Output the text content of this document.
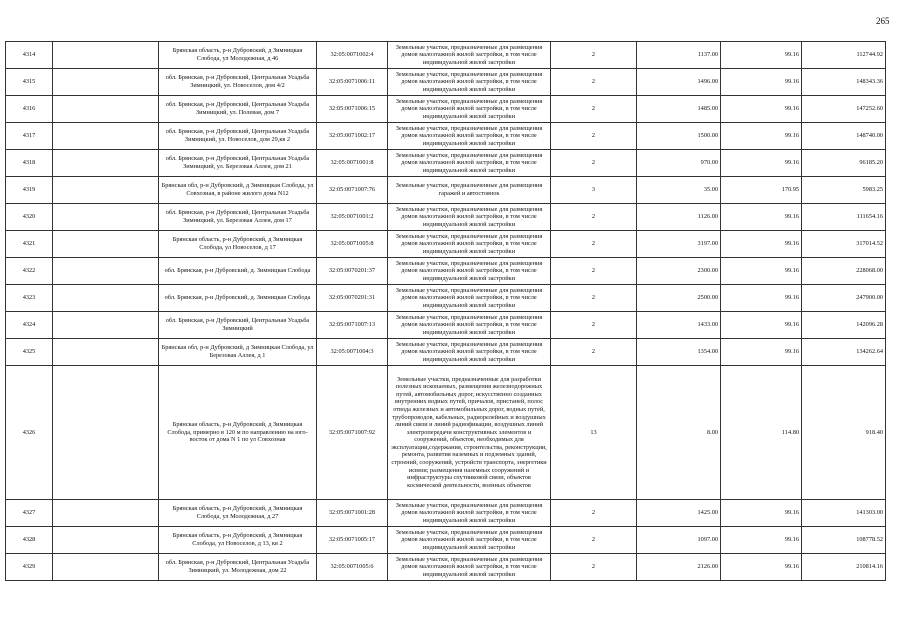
265
4314		Брянская область, р-н Дубровский, д Зимницкая Слобода, ул Молодежная, д 46	32:05:0071002:4	Земельные участки, предназначенные для размещения домов малоэтажной жилой застройки, в том числе индивидуальной жилой застройки	2	1137.00	99.16	112744.92
4315		обл. Брянская, р-н Дубровский, Центральная Усадьба Зимницкий, ул. Новоселов, дом 4/2	32:05:0071006:11	Земельные участки, предназначенные для размещения домов малоэтажной жилой застройки, в том числе индивидуальной жилой застройки	2	1496.00	99.16	148343.36
4316		обл. Брянская, р-н Дубровский, Центральная Усадьба Зимницкий, ул. Полевая, дом 7	32:05:0071006:15	Земельные участки, предназначенные для размещения домов малоэтажной жилой застройки, в том числе индивидуальной жилой застройки	2	1485.00	99.16	147252.60
4317		обл. Брянская, р-н Дубровский, Центральная Усадьба Зимницкий, ул. Новоселов, дом 29,кв 2	32:05:0071002:17	Земельные участки, предназначенные для размещения домов малоэтажной жилой застройки, в том числе индивидуальной жилой застройки	2	1500.00	99.16	148740.00
4318		обл. Брянская, р-н Дубровский, Центральная Усадьба Зимницкий, ул. Березовая Аллея, дом 21	32:05:0071001:8	Земельные участки, предназначенные для размещения домов малоэтажной жилой застройки, в том числе индивидуальной жилой застройки	2	970.00	99.16	96185.20
4319		Брянская обл, р-н Дубровский, д Зимницкая Слобода, ул Совхозная, в районе жилого дома N12	32:05:0071007:76	Земельные участки, предназначенные для размещения гаражей и автостоянок	3	35.00	170.95	5983.25
4320		обл. Брянская, р-н Дубровский, Центральная Усадьба Зимницкий, ул. Березовая Аллея, дом 17	32:05:0071001:2	Земельные участки, предназначенные для размещения домов малоэтажной жилой застройки, в том числе индивидуальной жилой застройки	2	1126.00	99.16	111654.16
4321		Брянская область, р-н Дубровский, д Зимницкая Слобода, ул Новоселов, д 17	32:05:0071005:8	Земельные участки, предназначенные для размещения домов малоэтажной жилой застройки, в том числе индивидуальной жилой застройки	2	3197.00	99.16	317014.52
4322		обл. Брянская, р-н Дубровский, д. Зимницкая Слобода	32:05:0070201:37	Земельные участки, предназначенные для размещения домов малоэтажной жилой застройки, в том числе индивидуальной жилой застройки	2	2300.00	99.16	228068.00
4323		обл. Брянская, р-н Дубровский, д. Зимницкая Слобода	32:05:0070201:31	Земельные участки, предназначенные для размещения домов малоэтажной жилой застройки, в том числе индивидуальной жилой застройки	2	2500.00	99.16	247900.00
4324		обл. Брянская, р-н Дубровский, Центральная Усадьба Зимницкий	32:05:0071007:13	Земельные участки, предназначенные для размещения домов малоэтажной жилой застройки, в том числе индивидуальной жилой застройки	2	1433.00	99.16	142096.28
4325		Брянская обл, р-н Дубровский, д Зимницкая Слобода, ул Березовая Аллея, д 1	32:05:0071004:3	Земельные участки, предназначенные для размещения домов малоэтажной жилой застройки, в том числе индивидуальной жилой застройки	2	1354.00	99.16	134262.64
4326		Брянская область, р-н Дубровский, д Зимницкая Слобода, примерно в 120 м по направлению на юго-восток от дома N 1 по ул Совхозная	32:05:0071007:92	Земельные участки, предназначенные для разработки полезных ископаемых, размещения железнодорожных путей, автомобильных дорог, искусственно созданных внутренних водных путей, причалов, пристаней, полос отвода железных и автомобильных дорог, водных путей, трубопроводов, кабельных, радиорелейных и воздушных линий связи и линий радиофикации, воздушных линий электропередачи конструктивных элементов и сооружений, объектов, необходимых для эксплуатации,содержания, строительства, реконструкции, ремонта, развития наземных и подземных зданий, строений, сооружений, устройств транспорта, энергетики исвязи; размещения наземных сооружений и инфраструктуры спутниковой связи, объектов космической деятельности, военных объектов	13	8.00	114.80	918.40
4327		Брянская область, р-н Дубровский, д Зимницкая Слобода, ул Молодежная, д 27	32:05:0071001:28	Земельные участки, предназначенные для размещения домов малоэтажной жилой застройки, в том числе индивидуальной жилой застройки	2	1425.00	99.16	141303.00
4328		Брянская область, р-н Дубровский, д Зимницкая Слобода, ул Новоселов, д 13, кв 2	32:05:0071005:17	Земельные участки, предназначенные для размещения домов малоэтажной жилой застройки, в том числе индивидуальной жилой застройки	2	1097.00	99.16	108778.52
4329		обл. Брянская, р-н Дубровский, Центральная Усадьба Зимницкий, ул. Молодежная, дом 22	32:05:0071005:6	Земельные участки, предназначенные для размещения домов малоэтажной жилой застройки, в том числе индивидуальной жилой застройки	2	2126.00	99.16	210814.16
